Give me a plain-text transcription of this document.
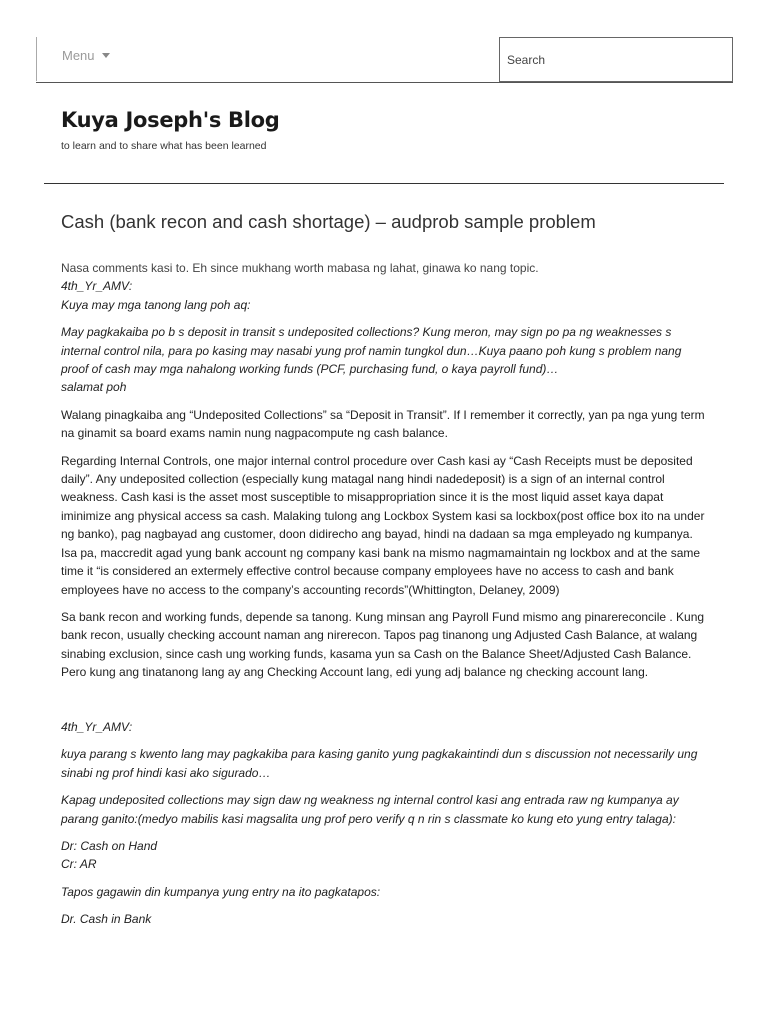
Menu
Search
Kuya Joseph's Blog

to learn and to share what has been learned

Cash (bank recon and cash shortage) – audprob sample problem

Nasa comments kasi to. Eh since mukhang worth mabasa ng lahat, ginawa ko nang topic.

4th_Yr_AMV:

Kuya may mga tanong lang poh aq:

May pagkakaiba po b s deposit in transit s undeposited collections? Kung meron, may sign po pa ng weaknesses s internal control nila, para po kasing may nasabi yung prof namin tungkol dun…Kuya paano poh kung s problem nang proof of cash may mga nahalong working funds (PCF, purchasing fund, o kaya payroll fund)…

salamat poh

Walang pinagkaiba ang “Undeposited Collections” sa “Deposit in Transit”. If I remember it correctly, yan pa nga yung term na ginamit sa board exams namin nung nagpacompute ng cash balance.

Regarding Internal Controls, one major internal control procedure over Cash kasi ay “Cash Receipts must be deposited daily”. Any undeposited collection (especially kung matagal nang hindi nadedeposit) is a sign of an internal control weakness. Cash kasi is the asset most susceptible to misappropriation since it is the most liquid asset kaya dapat iminimize ang physical access sa cash. Malaking tulong ang Lockbox System kasi sa lockbox(post office box ito na under ng banko), pag nagbayad ang customer, doon didirecho ang bayad, hindi na dadaan sa mga empleyado ng kumpanya. Isa pa, maccredit agad yung bank account ng company kasi bank na mismo nagmamaintain ng lockbox and at the same time it “is considered an extermely effective control because company employees have no access to cash and bank employees have no access to the company’s accounting records”(Whittington, Delaney, 2009)

Sa bank recon and working funds, depende sa tanong. Kung minsan ang Payroll Fund mismo ang pinarereconcile . Kung bank recon, usually checking account naman ang nirerecon. Tapos pag tinanong ung Adjusted Cash Balance, at walang sinabing exclusion, since cash ung working funds, kasama yun sa Cash on the Balance Sheet/Adjusted Cash Balance. Pero kung ang tinatanong lang ay ang Checking Account lang, edi yung adj balance ng checking account lang.

4th_Yr_AMV:

kuya parang s kwento lang may pagkakiba para kasing ganito yung pagkakaintindi dun s discussion not necessarily ung sinabi ng prof hindi kasi ako sigurado…

Kapag undeposited collections may sign daw ng weakness ng internal control kasi ang entrada raw ng kumpanya ay parang ganito:(medyo mabilis kasi magsalita ung prof pero verify q n rin s classmate ko kung eto yung entry talaga):

Dr: Cash on Hand

Cr: AR

Tapos gagawin din kumpanya yung entry na ito pagkatapos:

Dr. Cash in Bank
